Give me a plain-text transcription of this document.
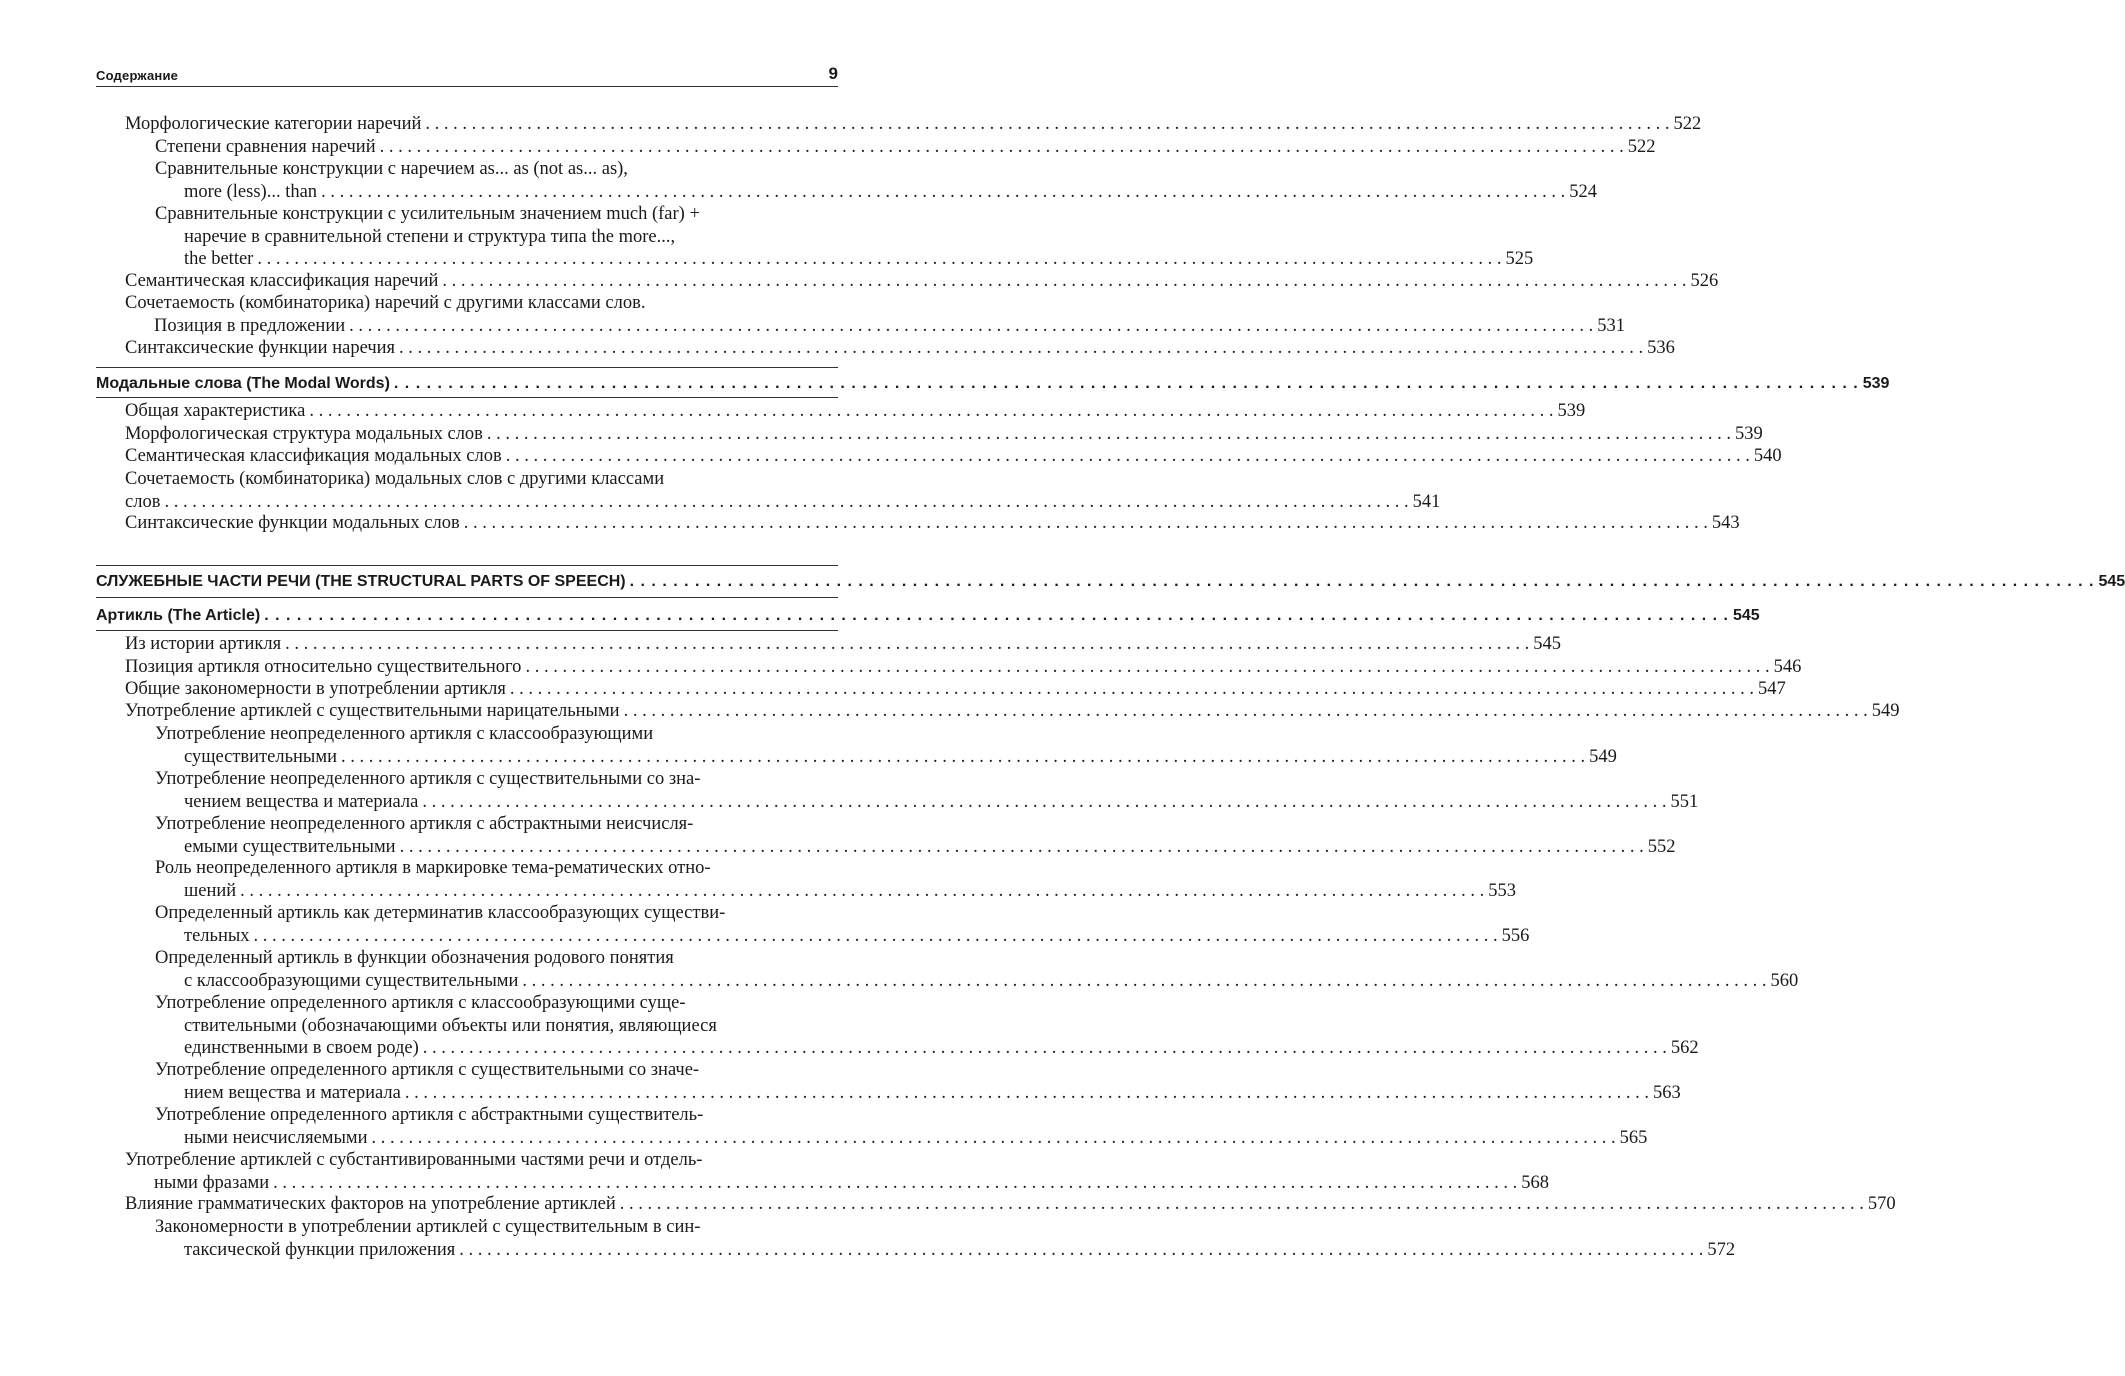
Содержание	9
Морфологические категории наречий . . .	522
Степени сравнения наречий . . .	522
Сравнительные конструкции с наречием as... as (not as... as),
more (less)... than . . .	524
Сравнительные конструкции с усилительным значением much (far) +
наречие в сравнительной степени и структура типа the more...,
the better . . .	525
Семантическая классификация наречий . . .	526
Сочетаемость (комбинаторика) наречий с другими классами слов.
Позиция в предложении . . .	531
Синтаксические функции наречия . . .	536
Модальные слова (The Modal Words) . . .	539
Общая характеристика . . .	539
Морфологическая структура модальных слов . . .	539
Семантическая классификация модальных слов . . .	540
Сочетаемость (комбинаторика) модальных слов с другими классами
слов . . .	541
Синтаксические функции модальных слов . . .	543
СЛУЖЕБНЫЕ ЧАСТИ РЕЧИ (THE STRUCTURAL PARTS OF SPEECH) . . .	545
Артикль (The Article) . . .	545
Из истории артикля . . .	545
Позиция артикля относительно существительного . . .	546
Общие закономерности в употреблении артикля . . .	547
Употребление артиклей с существительными нарицательными . . .	549
Употребление неопределенного артикля с классообразующими
существительными . . .	549
Употребление неопределенного артикля с существительными со зна-
чением вещества и материала . . .	551
Употребление неопределенного артикля с абстрактными неисчисля-
емыми существительными . . .	552
Роль неопределенного артикля в маркировке тема-рематических отно-
шений . . .	553
Определенный артикль как детерминатив классообразующих существи-
тельных . . .	556
Определенный артикль в функции обозначения родового понятия
с классообразующими существительными . . .	560
Употребление определенного артикля с классообразующими суще-
ствительными (обозначающими объекты или понятия, являющиеся
единственными в своем роде) . . .	562
Употребление определенного артикля с существительными со значе-
нием вещества и материала . . .	563
Употребление определенного артикля с абстрактными существитель-
ными неисчисляемыми . . .	565
Употребление артиклей с субстантивированными частями речи и отдель-
ными фразами . . .	568
Влияние грамматических факторов на употребление артиклей . . .	570
Закономерности в употреблении артиклей с существительным в син-
таксической функции приложения . . .	572
